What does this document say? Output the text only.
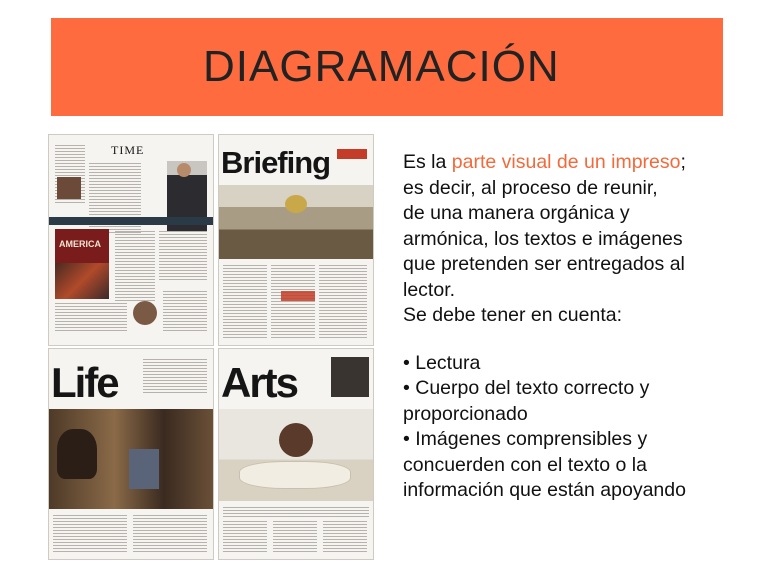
DIAGRAMACIÓN
TIME
AMERICA
Briefing
Life Arts

Es la parte visual de un impreso;

es decir, al proceso de reunir,

de una manera orgánica y

armónica, los textos e imágenes

que pretenden ser entregados al

lector.

Se debe tener en cuenta:

• Lectura

• Cuerpo del texto correcto y

proporcionado

• Imágenes comprensibles y

concuerden con el texto o la

información que están apoyando
